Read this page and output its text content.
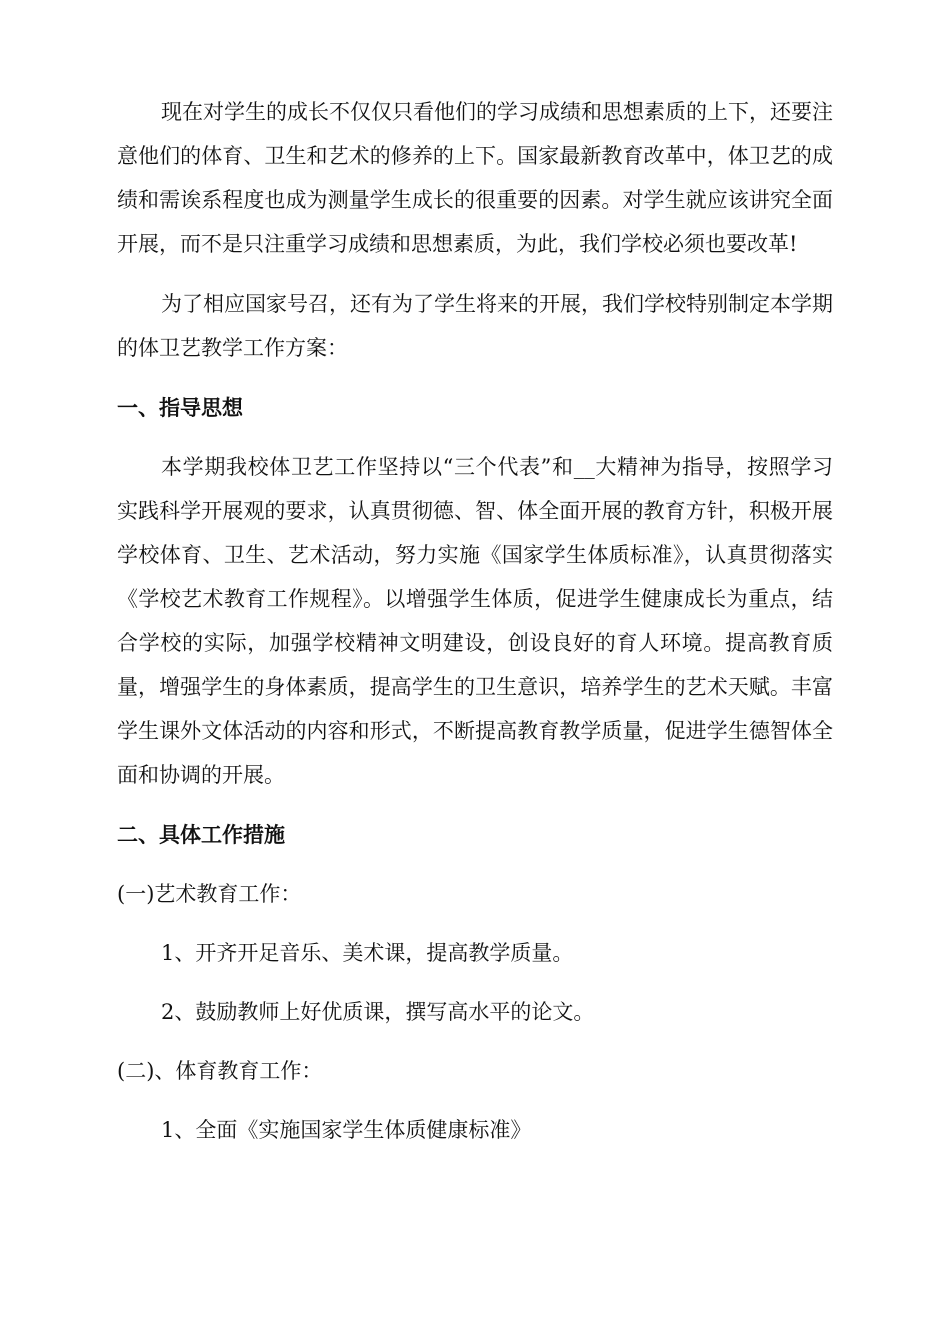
现在对学生的成长不仅仅只看他们的学习成绩和思想素质的上下，还要注意他们的体育、卫生和艺术的修养的上下。国家最新教育改革中，体卫艺的成绩和需诶系程度也成为测量学生成长的很重要的因素。对学生就应该讲究全面开展，而不是只注重学习成绩和思想素质，为此，我们学校必须也要改革!

为了相应国家号召，还有为了学生将来的开展，我们学校特别制定本学期的体卫艺教学工作方案：

一、指导思想

本学期我校体卫艺工作坚持以“三个代表”和__大精神为指导，按照学习实践科学开展观的要求，认真贯彻德、智、体全面开展的教育方针，积极开展学校体育、卫生、艺术活动，努力实施《国家学生体质标准》，认真贯彻落实《学校艺术教育工作规程》。以增强学生体质，促进学生健康成长为重点，结合学校的实际，加强学校精神文明建设，创设良好的育人环境。提高教育质量，增强学生的身体素质，提高学生的卫生意识，培养学生的艺术天赋。丰富学生课外文体活动的内容和形式，不断提高教育教学质量，促进学生德智体全面和协调的开展。

二、具体工作措施

(一)艺术教育工作：

1、开齐开足音乐、美术课，提高教学质量。

2、鼓励教师上好优质课，撰写高水平的论文。

(二)、体育教育工作：

1、全面《实施国家学生体质健康标准》
